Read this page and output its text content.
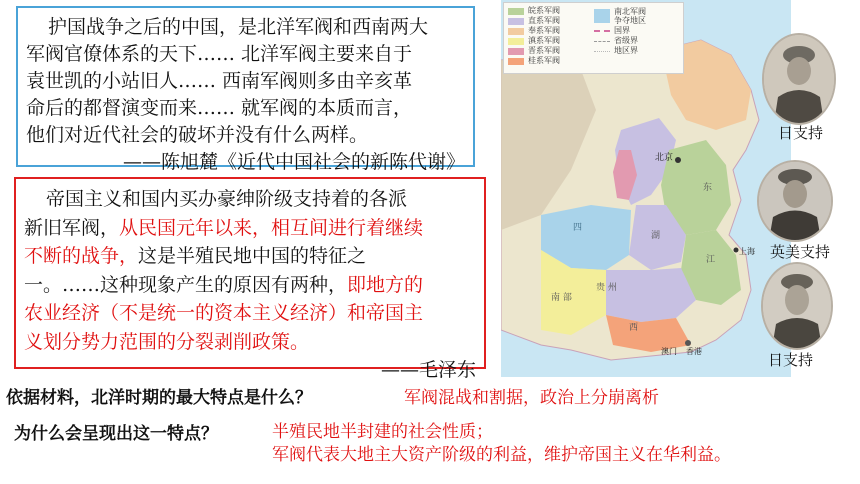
护国战争之后的中国，是北洋军阀和西南两大

军阀官僚体系的天下…… 北洋军阀主要来自于

袁世凯的小站旧人…… 西南军阀则多由辛亥革

命后的都督演变而来…… 就军阀的本质而言，

他们对近代社会的破坏并没有什么两样。

——陈旭麓《近代中国社会的新陈代谢》

帝国主义和国内买办豪绅阶级支持着的各派

新旧军阀，从民国元年以来，相互间进行着继续

不断的战争，这是半殖民地中国的特征之

一。……这种现象产生的原因有两种，即地方的

农业经济（不是统一的资本主义经济）和帝国主

义划分势力范围的分裂剥削政策。

——毛泽东

北京
上海
澳门 香港
四
贵 州
湖
江
东
西
南 部
皖系军阀
直系军阀
奉系军阀
滇系军阀
晋系军阀
桂系军阀
南北军阀
争夺地区
国界
省级界
地区界
日支持
英美支持
日支持
依据材料，北洋时期的最大特点是什么？	军阀混战和割据，政治上分崩离析
为什么会呈现出这一特点？	半殖民地半封建的社会性质；
军阀代表大地主大资产阶级的利益，维护帝国主义在华利益。
